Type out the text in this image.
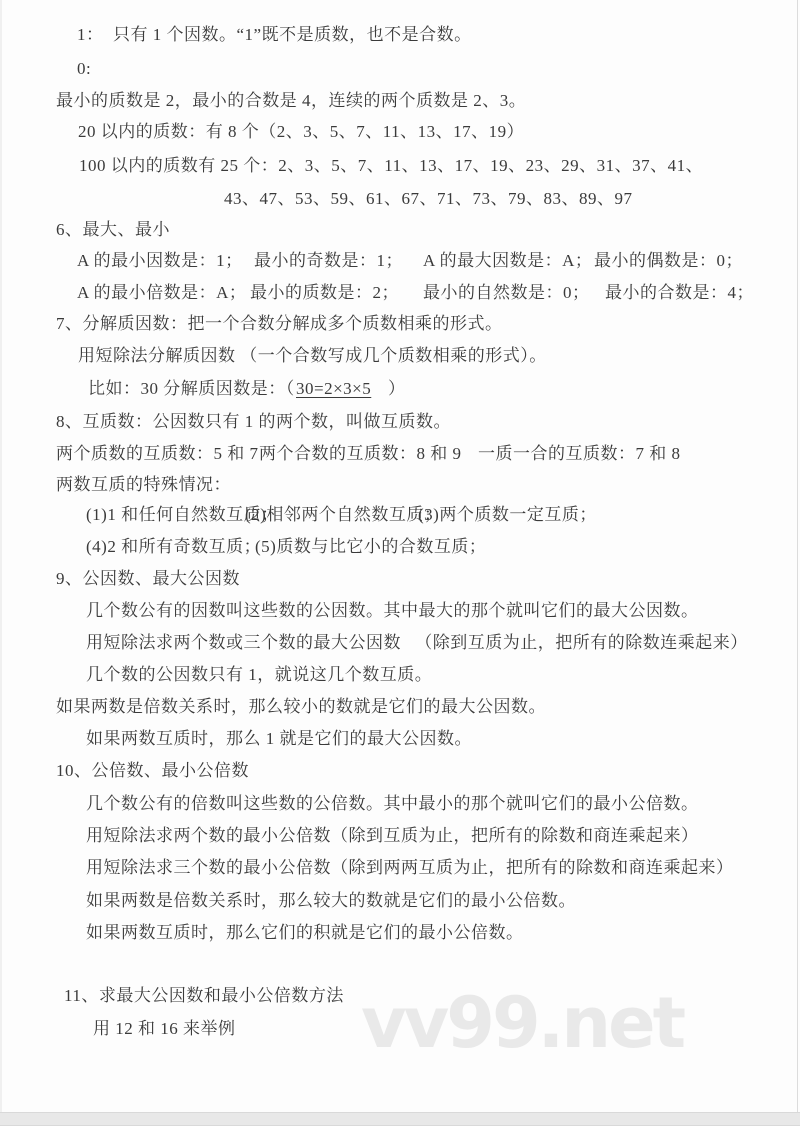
1：  只有 1 个因数。“1”既不是质数，也不是合数。
0:
最小的质数是 2，最小的合数是 4，连续的两个质数是 2、3。
20 以内的质数：有 8 个（2、3、5、7、11、13、17、19）
100 以内的质数有 25 个：2、3、5、7、11、13、17、19、23、29、31、37、41、
43、47、53、59、61、67、71、73、79、83、89、97
6、最大、最小
A 的最小因数是：1； 最小的奇数是：1； A 的最大因数是：A； 最小的偶数是：0；
A 的最小倍数是：A； 最小的质数是：2； 最小的自然数是：0； 最小的合数是：4；
7、分解质因数：把一个合数分解成多个质数相乘的形式。
用短除法分解质因数 （一个合数写成几个质数相乘的形式）。
比如：30 分解质因数是：（ 30=2×3×5 ）
8、互质数：公因数只有 1 的两个数，叫做互质数。
两个质数的互质数：5 和 7 两个合数的互质数：8 和 9 一质一合的互质数：7 和 8
两数互质的特殊情况：
(1)1 和任何自然数互质；
(2)相邻两个自然数互质；
(3)两个质数一定互质；
(4)2 和所有奇数互质；
(5)质数与比它小的合数互质；
9、公因数、最大公因数
几个数公有的因数叫这些数的公因数。其中最大的那个就叫它们的最大公因数。
用短除法求两个数或三个数的最大公因数   （除到互质为止，把所有的除数连乘起来）
几个数的公因数只有 1，就说这几个数互质。
如果两数是倍数关系时，那么较小的数就是它们的最大公因数。
如果两数互质时，那么 1 就是它们的最大公因数。
10、公倍数、最小公倍数
几个数公有的倍数叫这些数的公倍数。其中最小的那个就叫它们的最小公倍数。
用短除法求两个数的最小公倍数（除到互质为止，把所有的除数和商连乘起来）
用短除法求三个数的最小公倍数（除到两两互质为止，把所有的除数和商连乘起来）
如果两数是倍数关系时，那么较大的数就是它们的最小公倍数。
如果两数互质时，那么它们的积就是它们的最小公倍数。
11、求最大公因数和最小公倍数方法
用 12 和 16 来举例 vv99.net
